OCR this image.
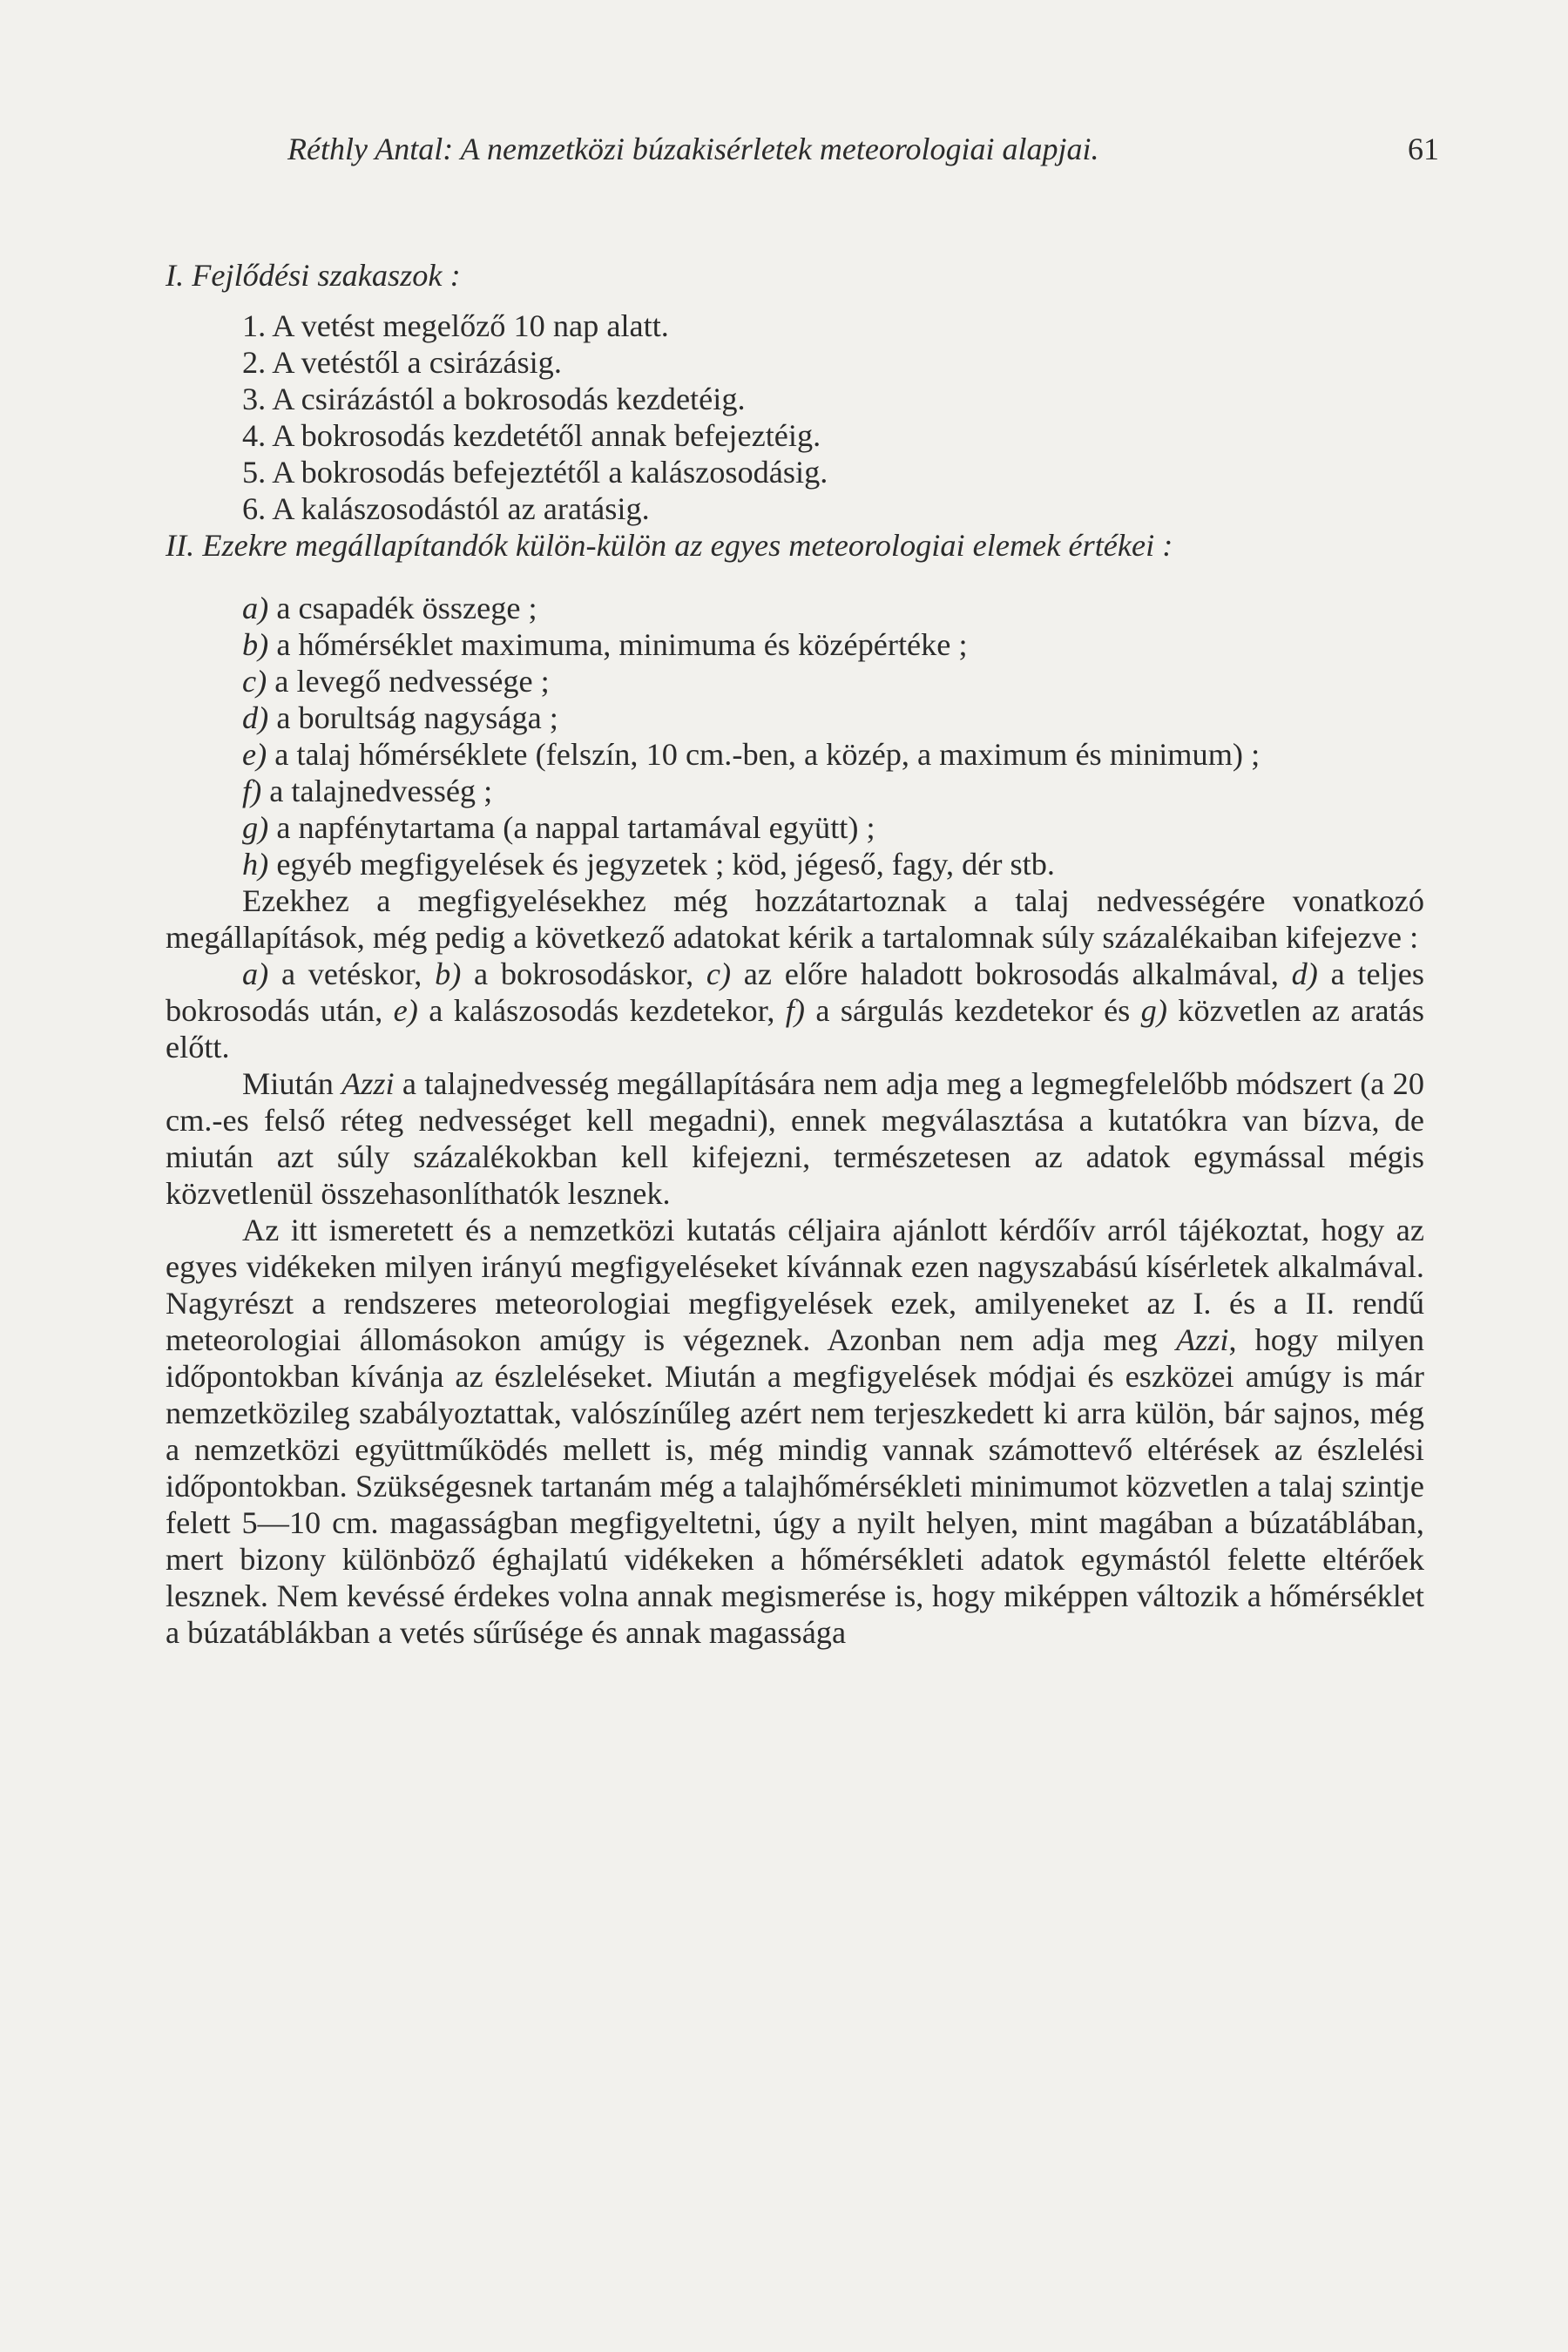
Réthly Antal: A nemzetközi búzakisérletek meteorologiai alapjai.	61

I. Fejlődési szakaszok :

1. A vetést megelőző 10 nap alatt.

2. A vetéstől a csirázásig.

3. A csirázástól a bokrosodás kezdetéig.

4. A bokrosodás kezdetétől annak befejeztéig.

5. A bokrosodás befejeztétől a kalászosodásig.

6. A kalászosodástól az aratásig.

II. Ezekre megállapítandók külön-külön az egyes meteorologiai elemek értékei :

a) a csapadék összege ;

b) a hőmérséklet maximuma, minimuma és középértéke ;

c) a levegő nedvessége ;

d) a borultság nagysága ;

e) a talaj hőmérséklete (felszín, 10 cm.-ben, a közép, a maximum és minimum) ;

f) a talajnedvesség ;

g) a napfénytartama (a nappal tartamával együtt) ;

h) egyéb megfigyelések és jegyzetek ; köd, jégeső, fagy, dér stb.

Ezekhez a megfigyelésekhez még hozzátartoznak a talaj nedvességére vonatkozó megállapítások, még pedig a következő adatokat kérik a tartalomnak súly százalékaiban kifejezve :

a) a vetéskor, b) a bokrosodáskor, c) az előre haladott bokrosodás alkalmával, d) a teljes bokrosodás után, e) a kalászosodás kezdetekor, f) a sárgulás kezdetekor és g) közvetlen az aratás előtt.

Miután Azzi a talajnedvesség megállapítására nem adja meg a legmegfelelőbb módszert (a 20 cm.-es felső réteg nedvességet kell megadni), ennek megválasztása a kutatókra van bízva, de miután azt súly százalékokban kell kifejezni, természetesen az adatok egymással mégis közvetlenül összehasonlíthatók lesznek.

Az itt ismeretett és a nemzetközi kutatás céljaira ajánlott kérdőív arról tájékoztat, hogy az egyes vidékeken milyen irányú megfigyeléseket kívánnak ezen nagyszabású kísérletek alkalmával. Nagyrészt a rendszeres meteorologiai megfigyelések ezek, amilyeneket az I. és a II. rendű meteorologiai állomásokon amúgy is végeznek. Azonban nem adja meg Azzi, hogy milyen időpontokban kívánja az észleléseket. Miután a megfigyelések módjai és eszközei amúgy is már nemzetközileg szabályoztattak, valószínűleg azért nem terjeszkedett ki arra külön, bár sajnos, még a nemzetközi együttműködés mellett is, még mindig vannak számottevő eltérések az észlelési időpontokban. Szükségesnek tartanám még a talajhőmérsékleti minimumot közvetlen a talaj szintje felett 5—10 cm. magasságban megfigyeltetni, úgy a nyilt helyen, mint magában a búzatáblában, mert bizony különböző éghajlatú vidékeken a hőmérsékleti adatok egymástól felette eltérőek lesznek. Nem kevéssé érdekes volna annak megismerése is, hogy miképpen változik a hőmérséklet a búzatáblákban a vetés sűrűsége és annak magassága
